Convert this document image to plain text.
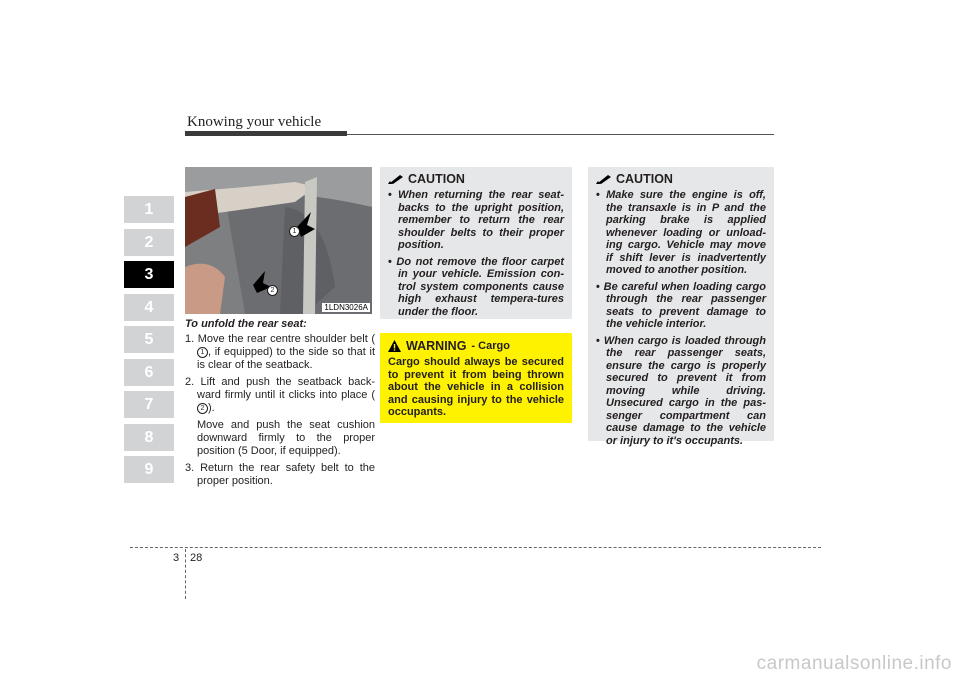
Knowing your vehicle
1
2
3
4
5
6
7
8
9
1
2
1LDN3026A
To unfold the rear seat:

1. Move the rear centre shoulder belt (1 , if equipped) to the side so that it is clear of the seatback.

2. Lift and push the seatback back-ward firmly until it clicks into place (2 ).

Move and push the seat cushion downward firmly to the proper position (5 Door, if equipped).

3. Return the rear safety belt to the proper position.

CAUTION
• When returning the rear seat-backs to the upright position, remember to return the rear shoulder belts to their proper position.
• Do not remove the floor carpet in your vehicle. Emission con-trol system components cause high exhaust tempera-tures under the floor.
WARNING - Cargo
Cargo should always be secured to prevent it from being thrown about the vehicle in a collision and causing injury to the vehicle occupants.
CAUTION
• Make sure the engine is off, the transaxle is in P and the parking brake is applied whenever loading or unload-ing cargo. Vehicle may move if shift lever is inadvertently moved to another position.
• Be careful when loading cargo through the rear passenger seats to prevent damage to the vehicle interior.
• When cargo is loaded through the rear passenger seats, ensure the cargo is properly secured to prevent it from moving while driving. Unsecured cargo in the pas-senger compartment can cause damage to the vehicle or injury to it's occupants.
3 28
carmanualsonline.info
